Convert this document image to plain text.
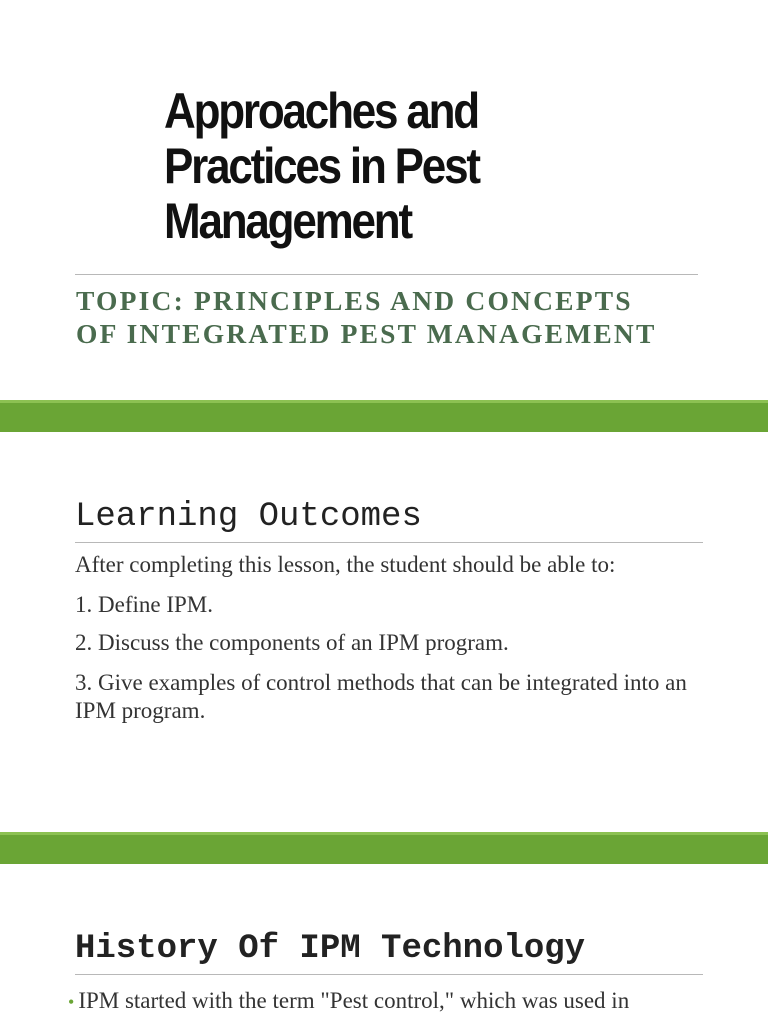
Approaches and
Practices in Pest
Management
TOPIC: PRINCIPLES AND CONCEPTS
OF INTEGRATED PEST MANAGEMENT
Learning Outcomes
After completing this lesson, the student should be able to:
1. Define IPM.
2. Discuss the components of an IPM program.
3. Give examples of control methods that can be integrated into an IPM program.
History Of IPM Technology
• IPM started with the term "Pest control," which was used in
